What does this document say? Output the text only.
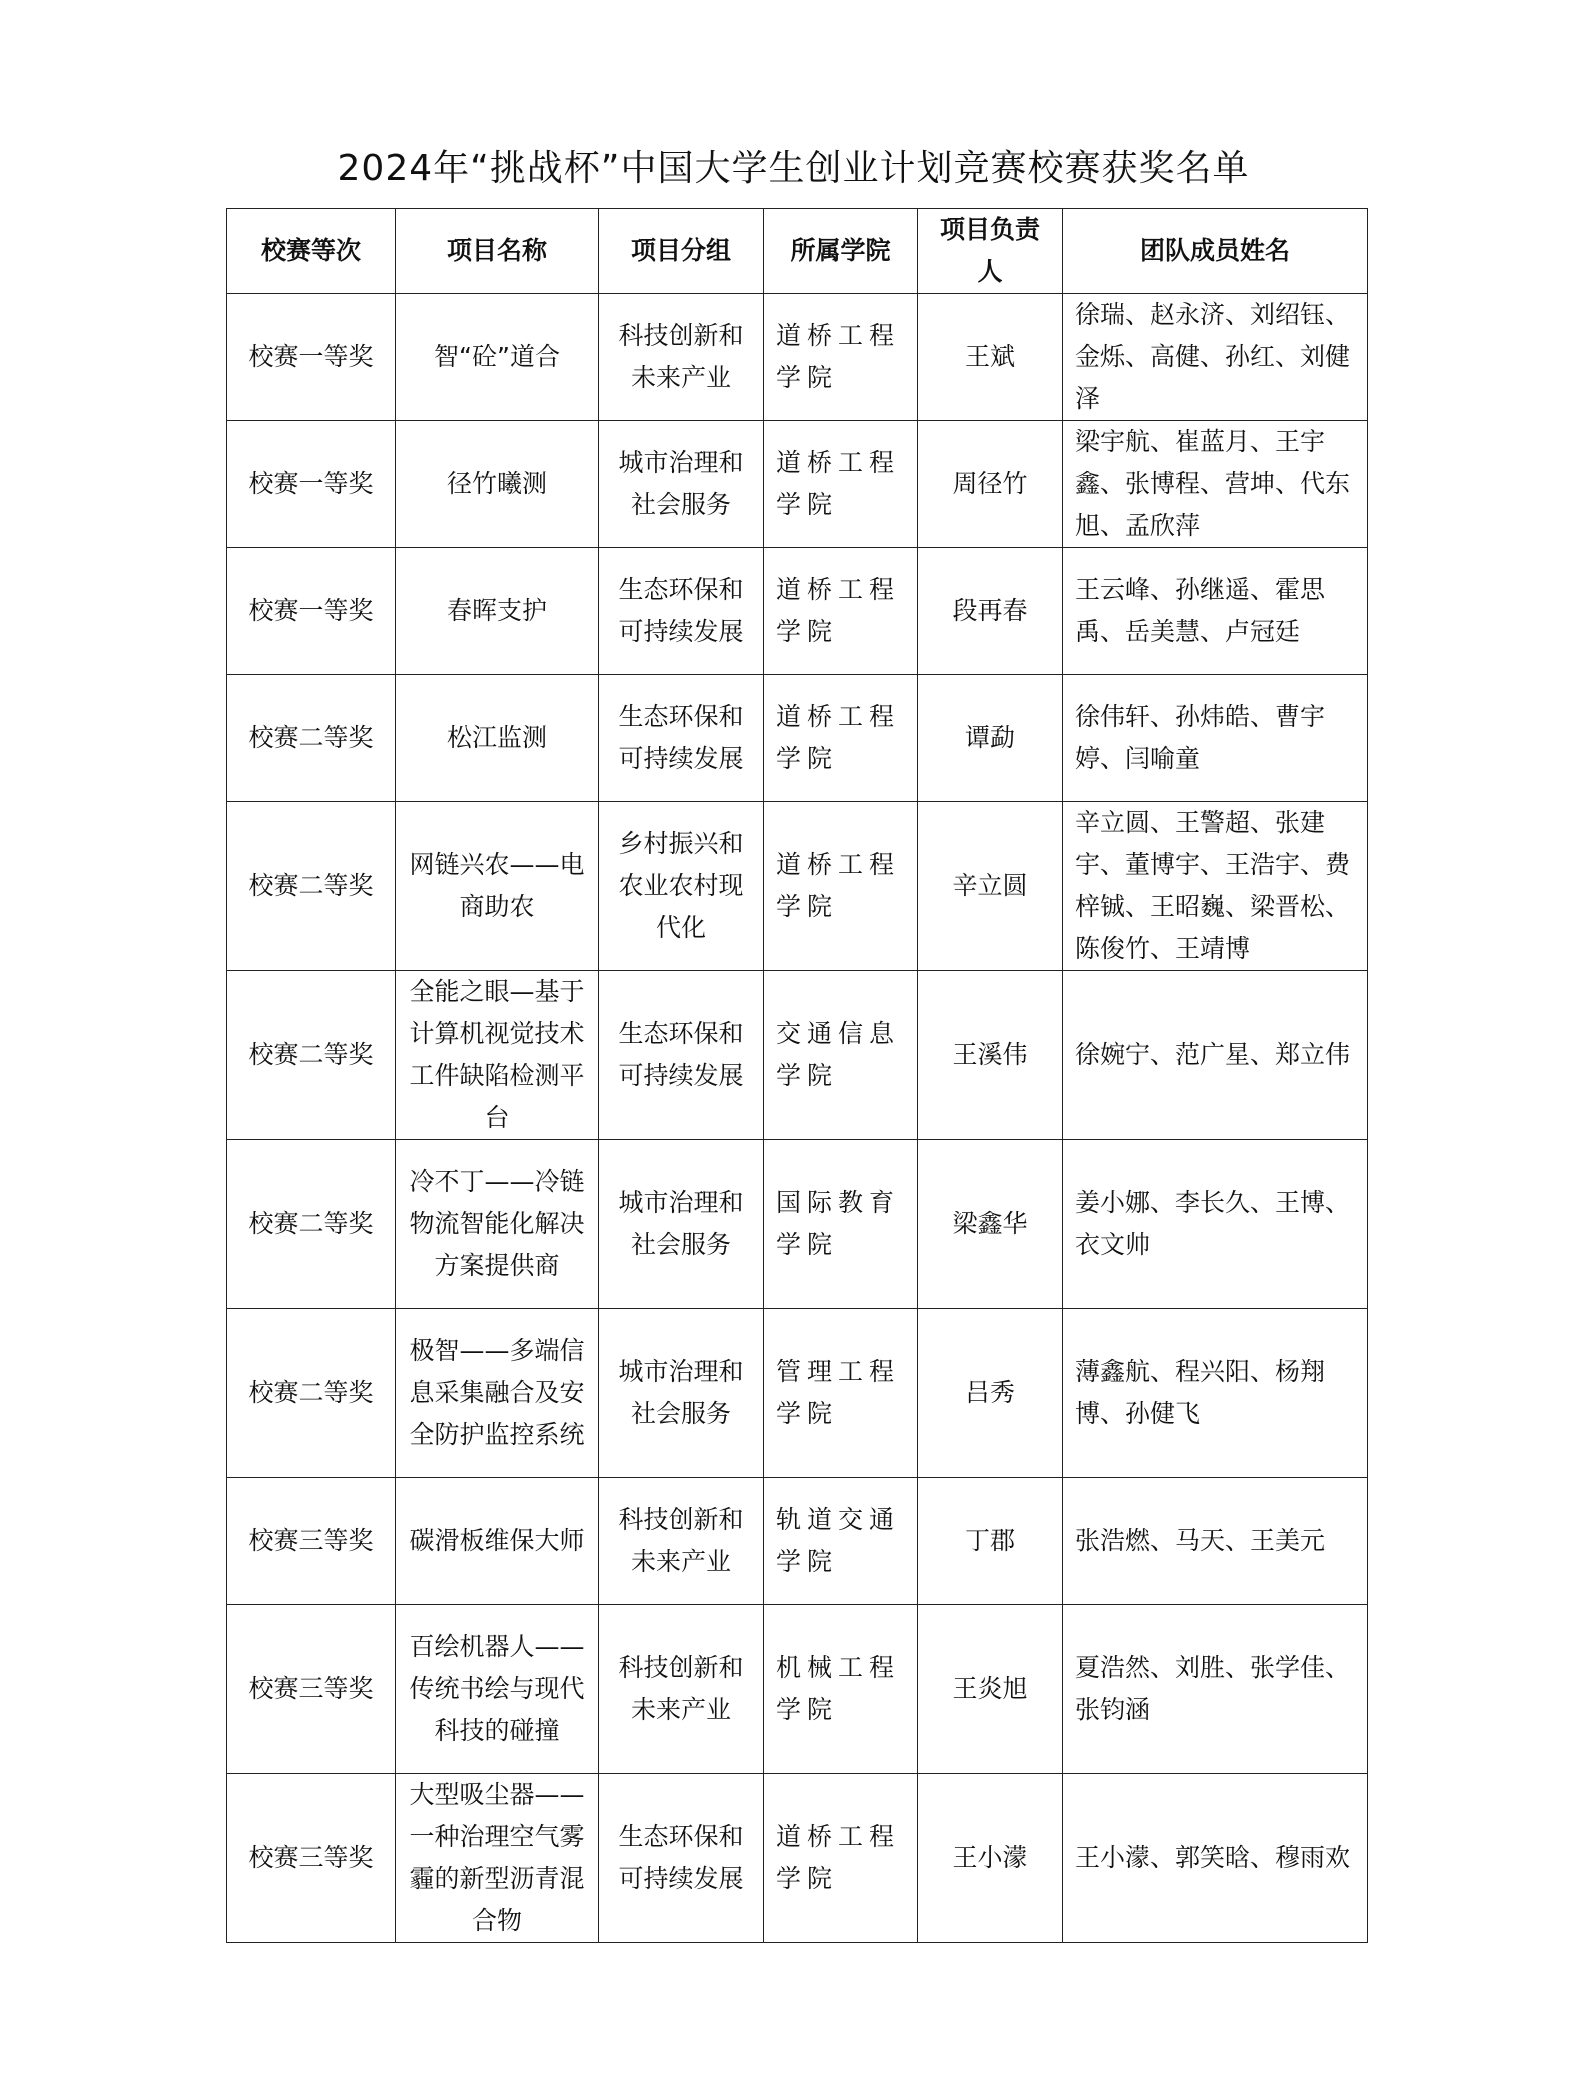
2024年“挑战杯”中国大学生创业计划竞赛校赛获奖名单
校赛等次	项目名称	项目分组	所属学院	项目负责人	团队成员姓名
校赛一等奖	智“砼”道合	科技创新和未来产业	道桥工程学院	王斌	徐瑞、赵永济、刘绍钰、金烁、高健、孙红、刘健泽
校赛一等奖	径竹曦测	城市治理和社会服务	道桥工程学院	周径竹	梁宇航、崔蓝月、王宇鑫、张博程、营坤、代东旭、孟欣萍
校赛一等奖	春晖支护	生态环保和可持续发展	道桥工程学院	段再春	王云峰、孙继遥、霍思禹、岳美慧、卢冠廷
校赛二等奖	松江监测	生态环保和可持续发展	道桥工程学院	谭勐	徐伟轩、孙炜皓、曹宇婷、闫喻童
校赛二等奖	网链兴农——电商助农	乡村振兴和农业农村现代化	道桥工程学院	辛立圆	辛立圆、王警超、张建宇、董博宇、王浩宇、费梓铖、王昭巍、梁晋松、陈俊竹、王靖博
校赛二等奖	全能之眼—基于计算机视觉技术工件缺陷检测平台	生态环保和可持续发展	交通信息学院	王溪伟	徐婉宁、范广星、郑立伟
校赛二等奖	冷不丁——冷链物流智能化解决方案提供商	城市治理和社会服务	国际教育学院	梁鑫华	姜小娜、李长久、王博、衣文帅
校赛二等奖	极智——多端信息采集融合及安全防护监控系统	城市治理和社会服务	管理工程学院	吕秀	薄鑫航、程兴阳、杨翔博、孙健飞
校赛三等奖	碳滑板维保大师	科技创新和未来产业	轨道交通学院	丁郡	张浩燃、马天、王美元
校赛三等奖	百绘机器人——传统书绘与现代科技的碰撞	科技创新和未来产业	机械工程学院	王炎旭	夏浩然、刘胜、张学佳、张钧涵
校赛三等奖	大型吸尘器——一种治理空气雾霾的新型沥青混合物	生态环保和可持续发展	道桥工程学院	王小濛	王小濛、郭笑晗、穆雨欢
